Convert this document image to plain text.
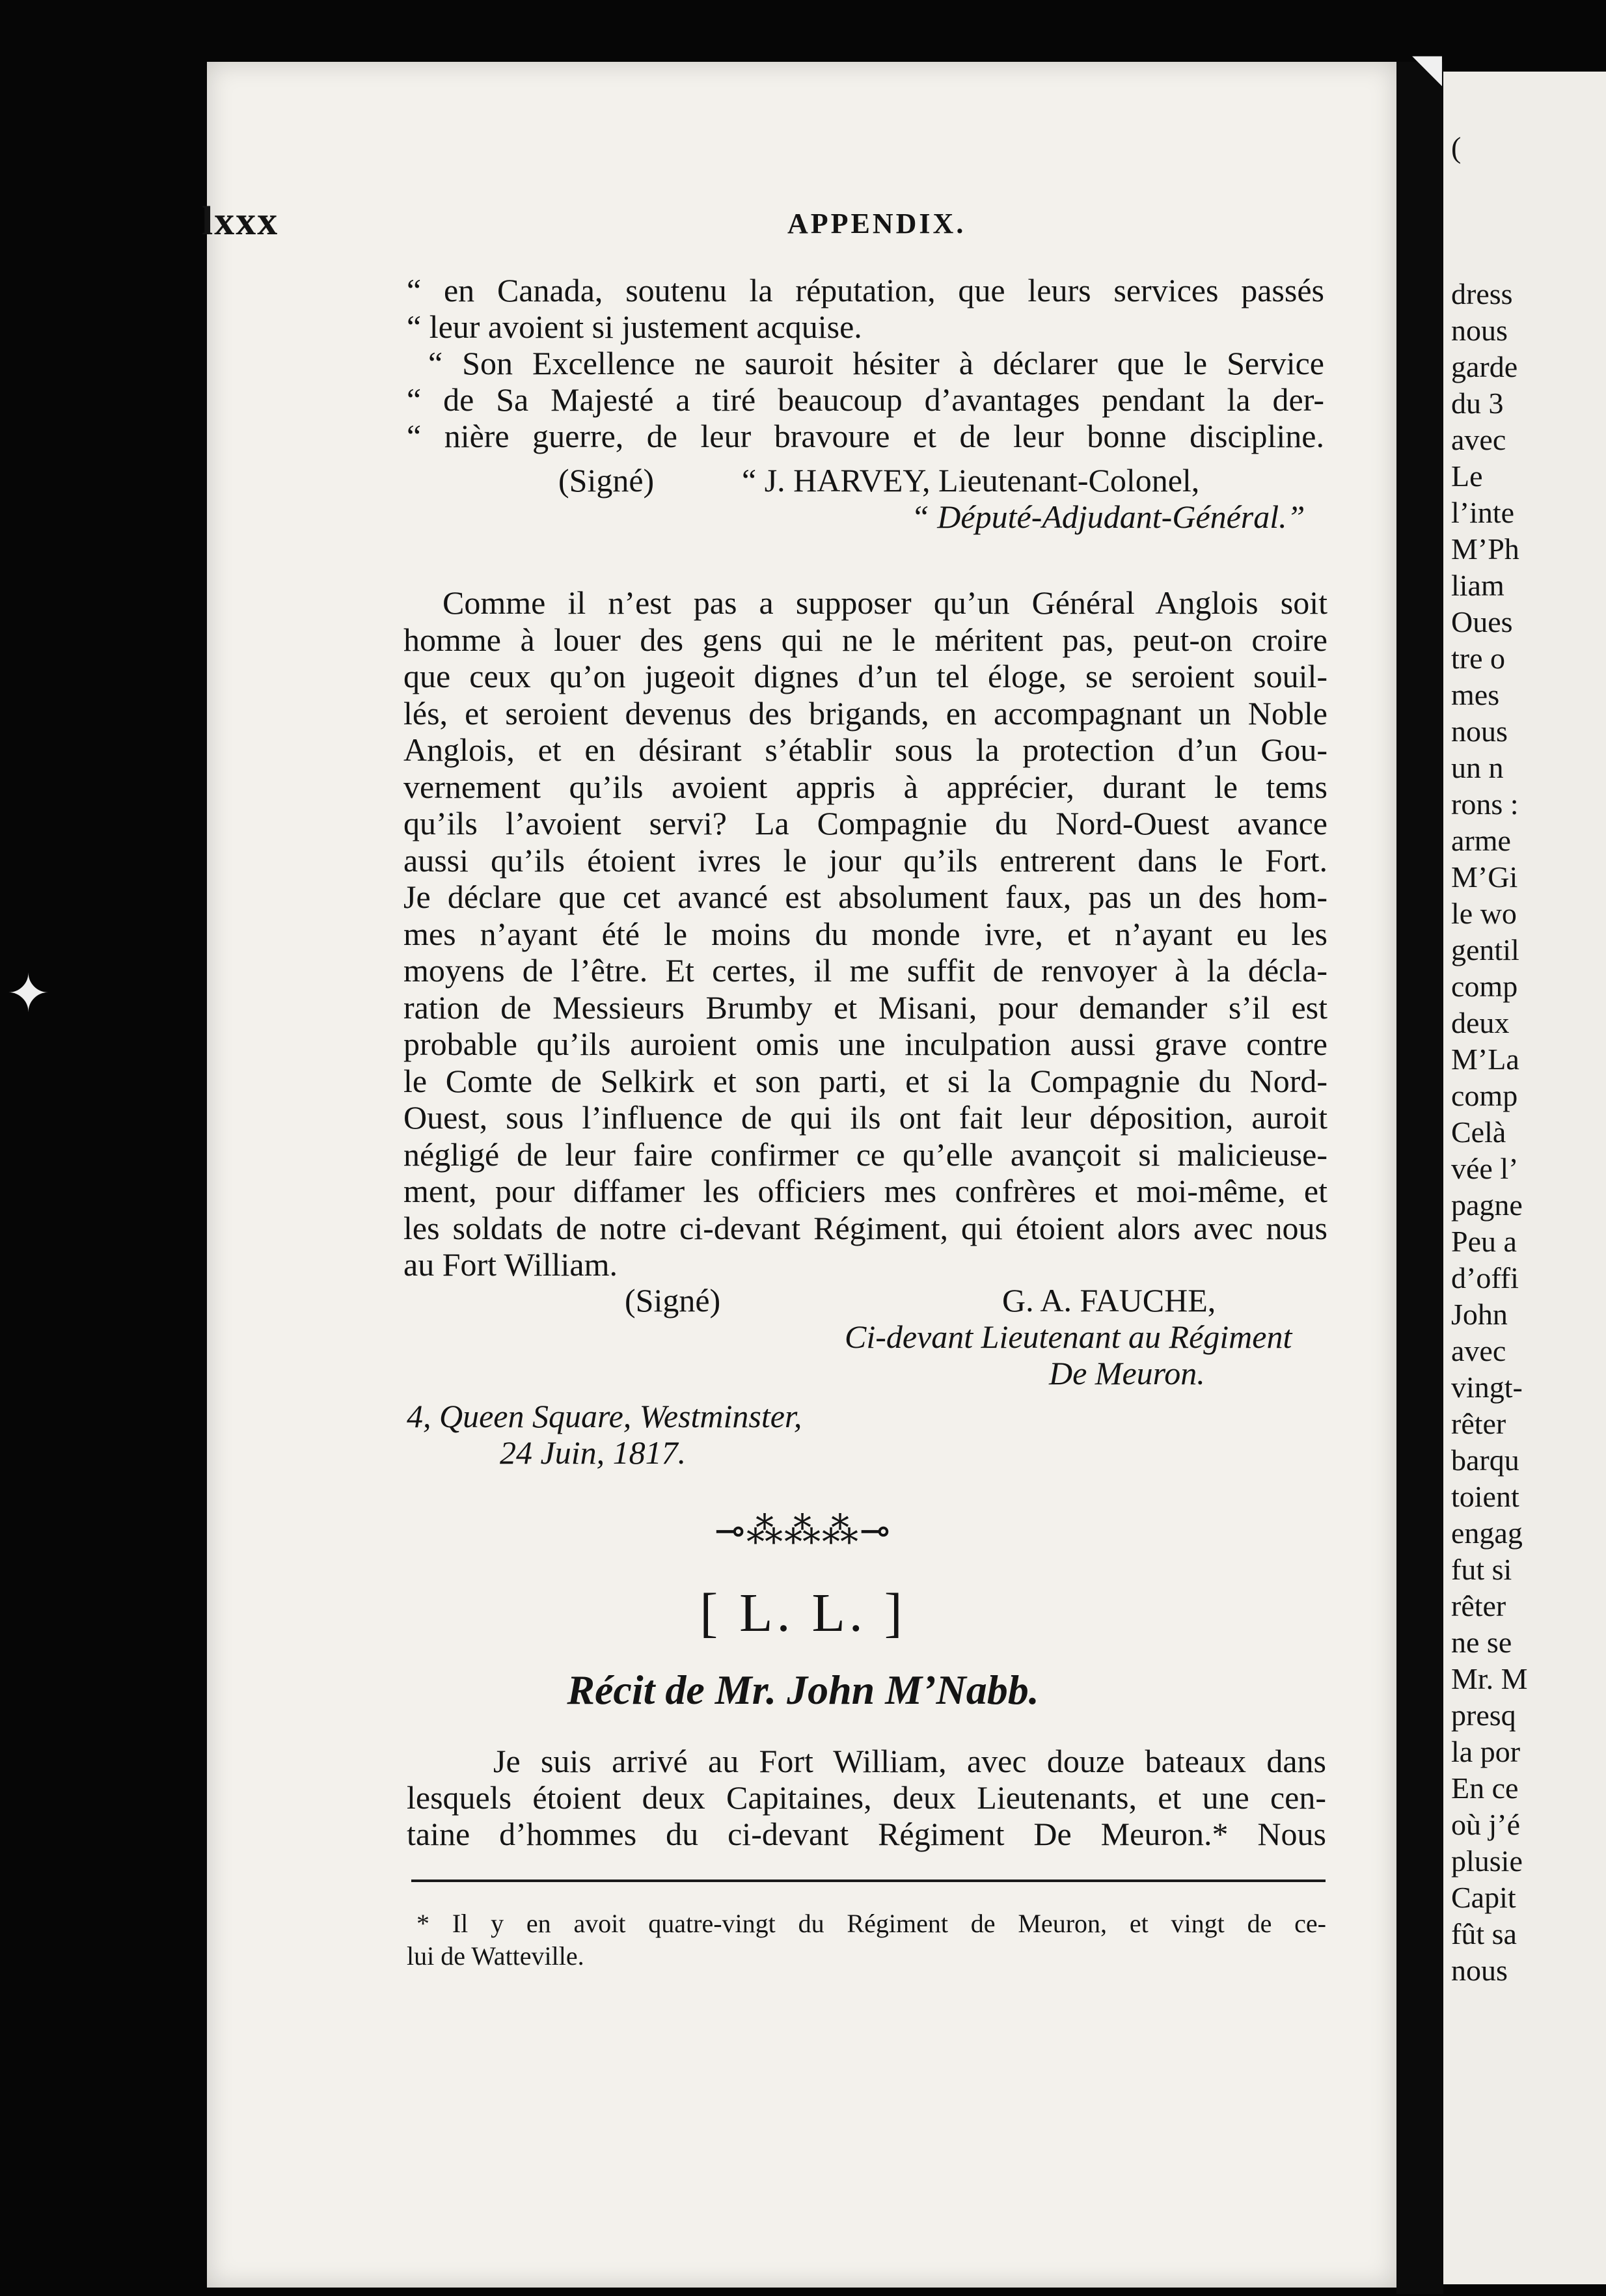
(
dress
nous
garde
du 3
avec
Le
l’inte
M’Ph
liam
Oues
tre o
mes
nous
un n
rons :
arme
M’Gi
le wo
gentil
comp
deux
M’La
comp
Celà
vée l’
pagne
Peu a
d’offi
John
avec
vingt-
rêter
barqu
toient
engag
fut si
rêter
ne se
Mr. M
presq
la por
En ce
où j’é
plusie
Capit
fût sa
nous
◥
✦
lxxx	APPENDIX.
“ en Canada, soutenu la réputation, que leurs services passés
“ leur avoient si justement acquise.
“ Son Excellence ne sauroit hésiter à déclarer que le Service
“ de Sa Majesté a tiré beaucoup d’avantages pendant la der-
“ nière guerre, de leur bravoure et de leur bonne discipline.
(Signé)	“ J. HARVEY, Lieutenant-Colonel,
“ Député-Adjudant-Général.”
Comme il n’est pas a supposer qu’un Général Anglois soit
homme à louer des gens qui ne le méritent pas, peut-on croire
que ceux qu’on jugeoit dignes d’un tel éloge, se seroient souil-
lés, et seroient devenus des brigands, en accompagnant un Noble
Anglois, et en désirant s’établir sous la protection d’un Gou-
vernement qu’ils avoient appris à apprécier, durant le tems
qu’ils l’avoient servi? La Compagnie du Nord-Ouest avance
aussi qu’ils étoient ivres le jour qu’ils entrerent dans le Fort.
Je déclare que cet avancé est absolument faux, pas un des hom-
mes n’ayant été le moins du monde ivre, et n’ayant eu les
moyens de l’être. Et certes, il me suffit de renvoyer à la décla-
ration de Messieurs Brumby et Misani, pour demander s’il est
probable qu’ils auroient omis une inculpation aussi grave contre
le Comte de Selkirk et son parti, et si la Compagnie du Nord-
Ouest, sous l’influence de qui ils ont fait leur déposition, auroit
négligé de leur faire confirmer ce qu’elle avançoit si malicieuse-
ment, pour diffamer les officiers mes confrères et moi-même, et
les soldats de notre ci-devant Régiment, qui étoient alors avec nous
au Fort William.
(Signé)	G. A. FAUCHE,
Ci-devant Lieutenant au Régiment
De Meuron.
4, Queen Square, Westminster,
24 Juin, 1817.
⊸⁂⁂⁂⊸
[ L. L. ]
Récit de Mr. John M’Nabb.
Je suis arrivé au Fort William, avec douze bateaux dans
lesquels étoient deux Capitaines, deux Lieutenants, et une cen-
taine d’hommes du ci-devant Régiment De Meuron.* Nous
* Il y en avoit quatre-vingt du Régiment de Meuron, et vingt de ce-
lui de Watteville.
